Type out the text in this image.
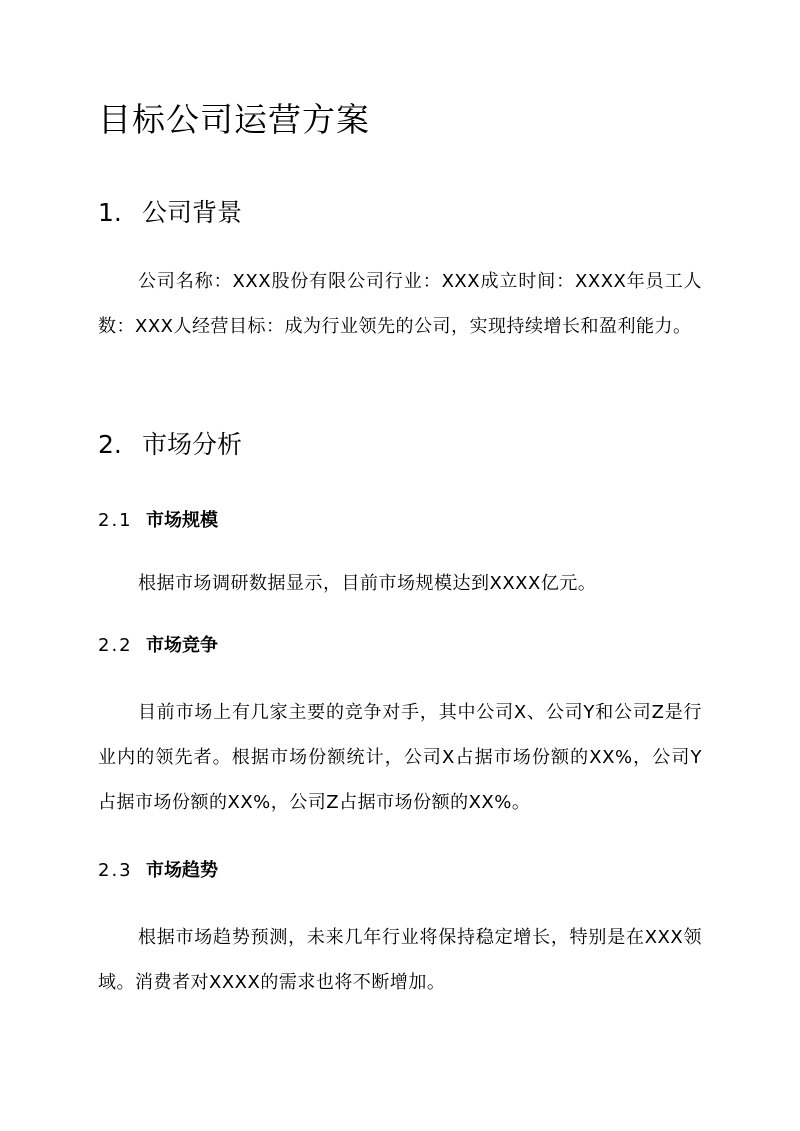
目标公司运营方案
1. 公司背景

公司名称：XXX股份有限公司行业：XXX成立时间：XXXX年员工人数：XXX人经营目标：成为行业领先的公司，实现持续增长和盈利能力。

2. 市场分析
2.1 市场规模

根据市场调研数据显示，目前市场规模达到XXXX亿元。

2.2 市场竞争

目前市场上有几家主要的竞争对手，其中公司X、公司Y和公司Z是行业内的领先者。根据市场份额统计，公司X占据市场份额的XX%，公司Y占据市场份额的XX%，公司Z占据市场份额的XX%。

2.3 市场趋势

根据市场趋势预测，未来几年行业将保持稳定增长，特别是在XXX领域。消费者对XXXX的需求也将不断增加。
